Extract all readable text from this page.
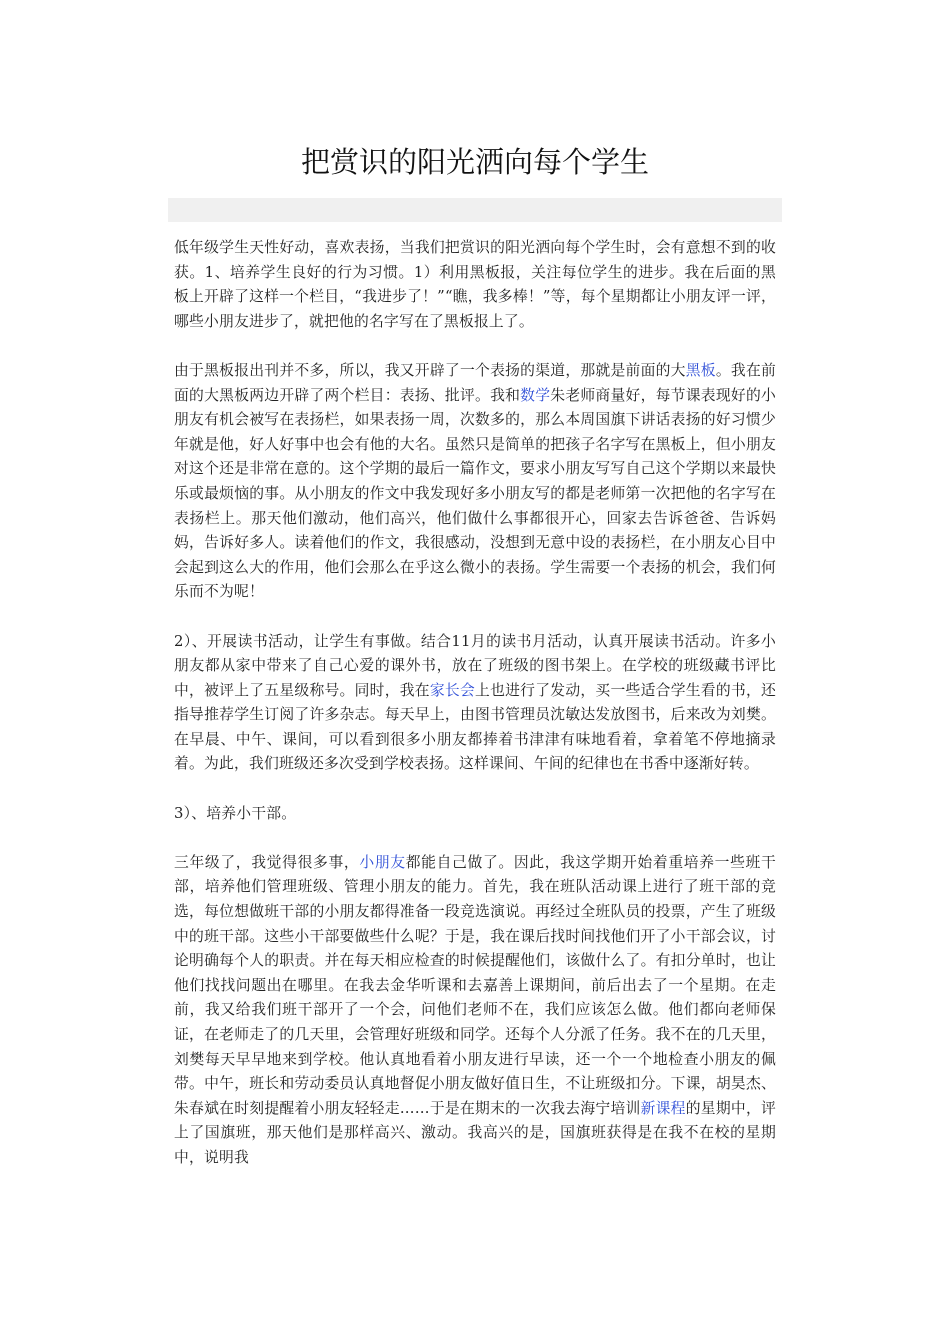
把赏识的阳光洒向每个学生

低年级学生天性好动，喜欢表扬，当我们把赏识的阳光洒向每个学生时，会有意想不到的收获。1、培养学生良好的行为习惯。1）利用黑板报，关注每位学生的进步。我在后面的黑板上开辟了这样一个栏目，“我进步了！”“瞧，我多棒！”等，每个星期都让小朋友评一评，哪些小朋友进步了，就把他的名字写在了黑板报上了。

由于黑板报出刊并不多，所以，我又开辟了一个表扬的渠道，那就是前面的大黑板。我在前面的大黑板两边开辟了两个栏目：表扬、批评。我和数学朱老师商量好，每节课表现好的小朋友有机会被写在表扬栏，如果表扬一周，次数多的，那么本周国旗下讲话表扬的好习惯少年就是他，好人好事中也会有他的大名。虽然只是简单的把孩子名字写在黑板上，但小朋友对这个还是非常在意的。这个学期的最后一篇作文，要求小朋友写写自己这个学期以来最快乐或最烦恼的事。从小朋友的作文中我发现好多小朋友写的都是老师第一次把他的名字写在表扬栏上。那天他们激动，他们高兴，他们做什么事都很开心，回家去告诉爸爸、告诉妈妈，告诉好多人。读着他们的作文，我很感动，没想到无意中设的表扬栏，在小朋友心目中会起到这么大的作用，他们会那么在乎这么微小的表扬。学生需要一个表扬的机会，我们何乐而不为呢！

2）、开展读书活动，让学生有事做。结合11月的读书月活动，认真开展读书活动。许多小朋友都从家中带来了自己心爱的课外书，放在了班级的图书架上。在学校的班级藏书评比中，被评上了五星级称号。同时，我在家长会上也进行了发动，买一些适合学生看的书，还指导推荐学生订阅了许多杂志。每天早上，由图书管理员沈敏达发放图书，后来改为刘樊。在早晨、中午、课间，可以看到很多小朋友都捧着书津津有味地看着，拿着笔不停地摘录着。为此，我们班级还多次受到学校表扬。这样课间、午间的纪律也在书香中逐渐好转。

3）、培养小干部。

三年级了，我觉得很多事，小朋友都能自己做了。因此，我这学期开始着重培养一些班干部，培养他们管理班级、管理小朋友的能力。首先，我在班队活动课上进行了班干部的竞选，每位想做班干部的小朋友都得准备一段竞选演说。再经过全班队员的投票，产生了班级中的班干部。这些小干部要做些什么呢？于是，我在课后找时间找他们开了小干部会议，讨论明确每个人的职责。并在每天相应检查的时候提醒他们，该做什么了。有扣分单时，也让他们找找问题出在哪里。在我去金华听课和去嘉善上课期间，前后出去了一个星期。在走前，我又给我们班干部开了一个会，问他们老师不在，我们应该怎么做。他们都向老师保证，在老师走了的几天里，会管理好班级和同学。还每个人分派了任务。我不在的几天里，刘樊每天早早地来到学校。他认真地看着小朋友进行早读，还一个一个地检查小朋友的佩带。中午，班长和劳动委员认真地督促小朋友做好值日生，不让班级扣分。下课，胡昊杰、朱春斌在时刻提醒着小朋友轻轻走……于是在期末的一次我去海宁培训新课程的星期中，评上了国旗班，那天他们是那样高兴、激动。我高兴的是，国旗班获得是在我不在校的星期中，说明我
